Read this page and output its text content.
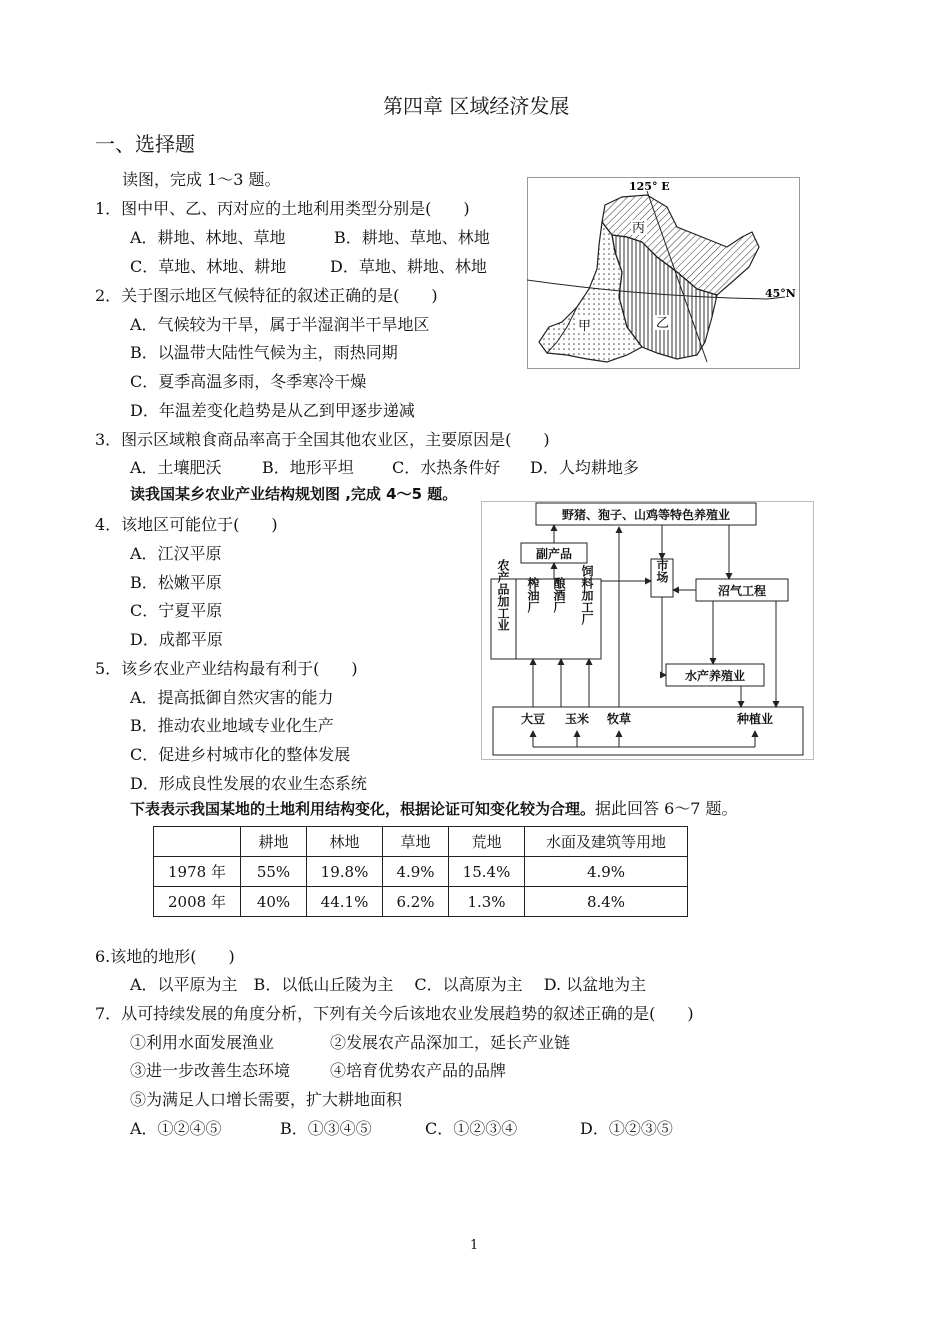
第四章 区域经济发展
一、选择题
读图，完成 1～3 题。
1．图中甲、乙、丙对应的土地利用类型分别是(　　)
A．耕地、林地、草地	B．耕地、草地、林地
C．草地、林地、耕地	D．草地、耕地、林地
2．关于图示地区气候特征的叙述正确的是(　　)
A．气候较为干旱，属于半湿润半干旱地区
B．以温带大陆性气候为主，雨热同期
C．夏季高温多雨，冬季寒冷干燥
D．年温差变化趋势是从乙到甲逐步递减
3．图示区域粮食商品率高于全国其他农业区，主要原因是(　　)
A．土壤肥沃	B．地形平坦 C．水热条件好 D．人均耕地多
125° E
45°N
丙
乙
甲
读我国某乡农业产业结构规划图 ,完成 4～5 题。
4．该地区可能位于(　　)
A．江汉平原
B．松嫩平原
C．宁夏平原
D．成都平原
5．该乡农业产业结构最有利于(　　)
A．提高抵御自然灾害的能力
B．推动农业地域专业化生产
C．促进乡村城市化的整体发展
D．形成良性发展的农业生态系统
野猪、狍子、山鸡等特色养殖业
副产品
农产品加工业 榨油厂 酿酒厂 饲料加工厂	市场
沼气工程
水产养殖业
大豆 玉米 牧草	种植业
下表表示我国某地的土地利用结构变化，根据论证可知变化较为合理。据此回答 6～7 题。
	耕地	林地	草地	荒地	水面及建筑等用地
1978 年	55%	19.8%	4.9%	15.4%	4.9%
2008 年	40%	44.1%	6.2%	1.3%	8.4%
6.该地的地形(　　)
A．以平原为主　B．以低山丘陵为主　 C．以高原为主　 D. 以盆地为主
7．从可持续发展的角度分析，下列有关今后该地农业发展趋势的叙述正确的是(　　)
①利用水面发展渔业	②发展农产品深加工，延长产业链
③进一步改善生态环境 ④培育优势农产品的品牌
⑤为满足人口增长需要，扩大耕地面积
A．①②④⑤	B．①③④⑤	C．①②③④	D．①②③⑤
1
